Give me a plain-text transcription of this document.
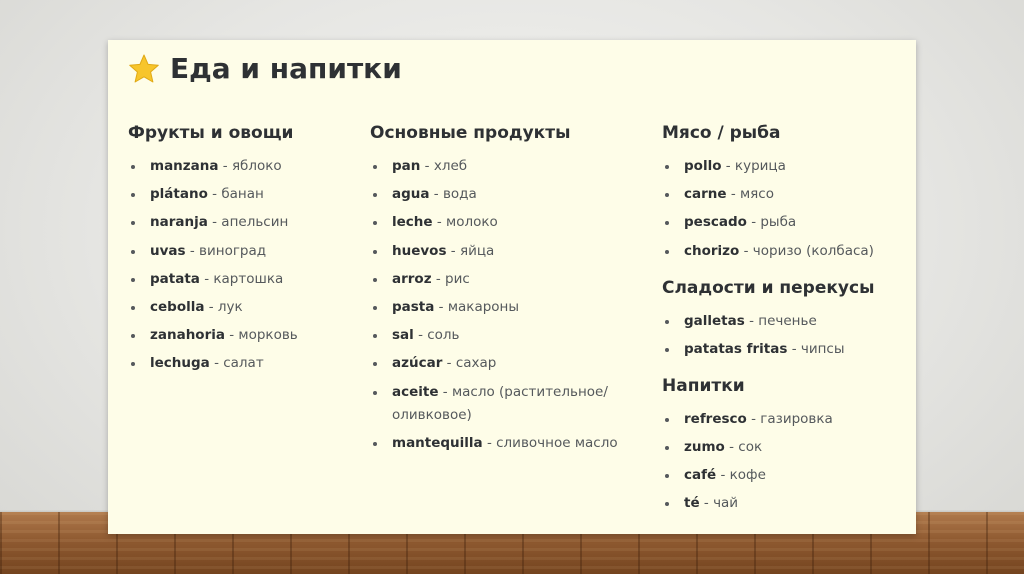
Еда и напитки
Фрукты и овощи
manzana - яблоко
plátano - банан
naranja - апельсин
uvas - виноград
patata - картошка
cebolla - лук
zanahoria - морковь
lechuga - салат
Основные продукты
pan - хлеб
agua - вода
leche - молоко
huevos - яйца
arroz - рис
pasta - макароны
sal - соль
azúcar - сахар
aceite - масло (растительное/ оливковое)
mantequilla - сливочное масло
Мясо / рыба
pollo - курица
carne - мясо
pescado - рыба
chorizo - чоризо (колбаса)
Сладости и перекусы
galletas - печенье
patatas fritas - чипсы
Напитки
refresco - газировка
zumo - сок
café - кофе
té - чай
